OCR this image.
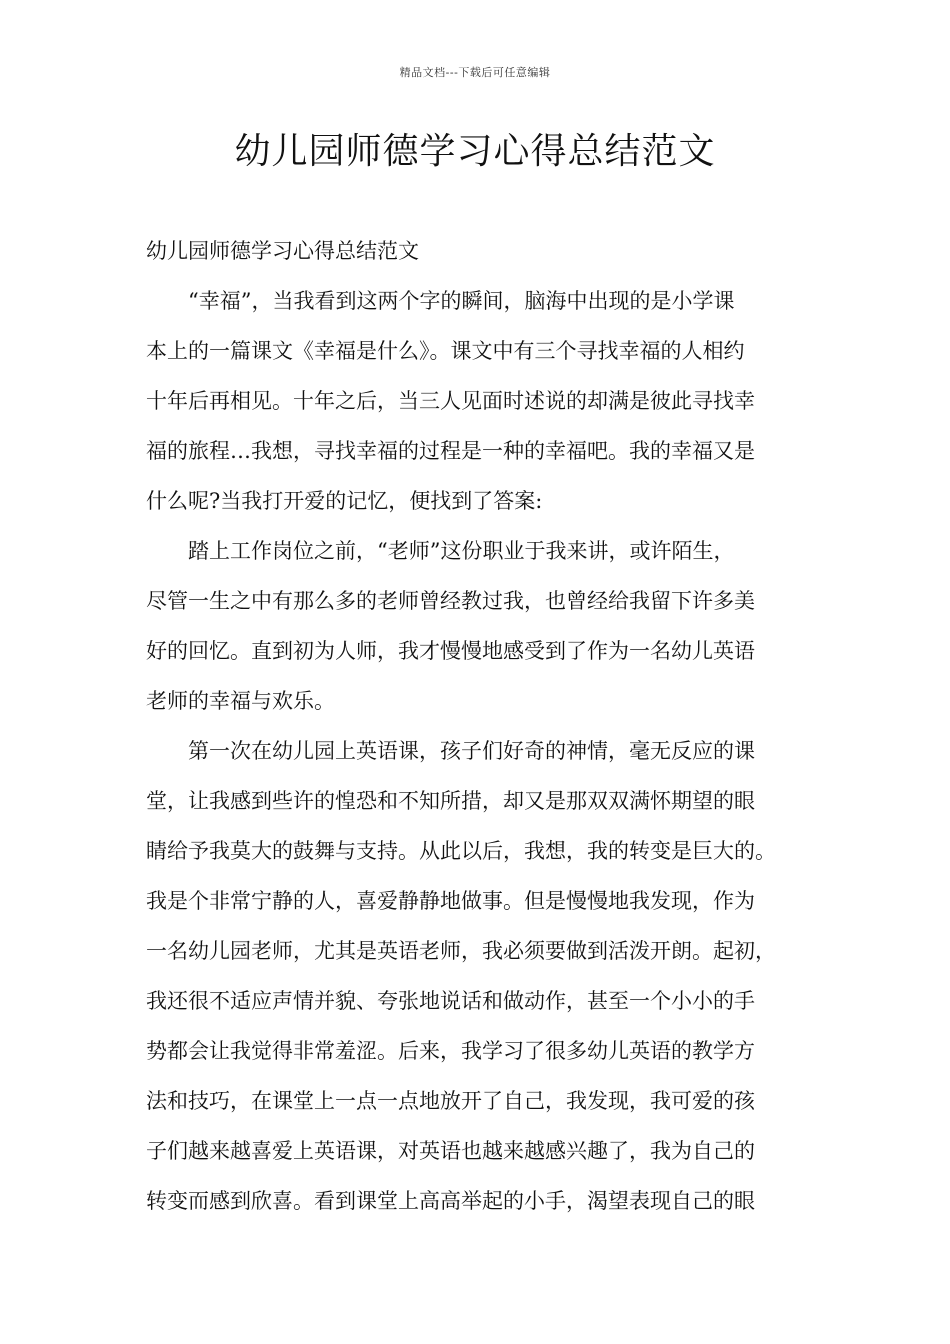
精品文档---下载后可任意编辑
幼儿园师德学习心得总结范文
幼儿园师德学习心得总结范文
“幸福”，当我看到这两个字的瞬间，脑海中出现的是小学课
本上的一篇课文《幸福是什么》。课文中有三个寻找幸福的人相约
十年后再相见。十年之后，当三人见面时述说的却满是彼此寻找幸
福的旅程…我想，寻找幸福的过程是一种的幸福吧。我的幸福又是
什么呢?当我打开爱的记忆，便找到了答案:
踏上工作岗位之前，“老师”这份职业于我来讲，或许陌生，
尽管一生之中有那么多的老师曾经教过我，也曾经给我留下许多美
好的回忆。直到初为人师，我才慢慢地感受到了作为一名幼儿英语
老师的幸福与欢乐。
第一次在幼儿园上英语课，孩子们好奇的神情，毫无反应的课
堂，让我感到些许的惶恐和不知所措，却又是那双双满怀期望的眼
睛给予我莫大的鼓舞与支持。从此以后，我想，我的转变是巨大的。
我是个非常宁静的人，喜爱静静地做事。但是慢慢地我发现，作为
一名幼儿园老师，尤其是英语老师，我必须要做到活泼开朗。起初，
我还很不适应声情并貌、夸张地说话和做动作，甚至一个小小的手
势都会让我觉得非常羞涩。后来，我学习了很多幼儿英语的教学方
法和技巧，在课堂上一点一点地放开了自己，我发现，我可爱的孩
子们越来越喜爱上英语课，对英语也越来越感兴趣了，我为自己的
转变而感到欣喜。看到课堂上高高举起的小手，渴望表现自己的眼
